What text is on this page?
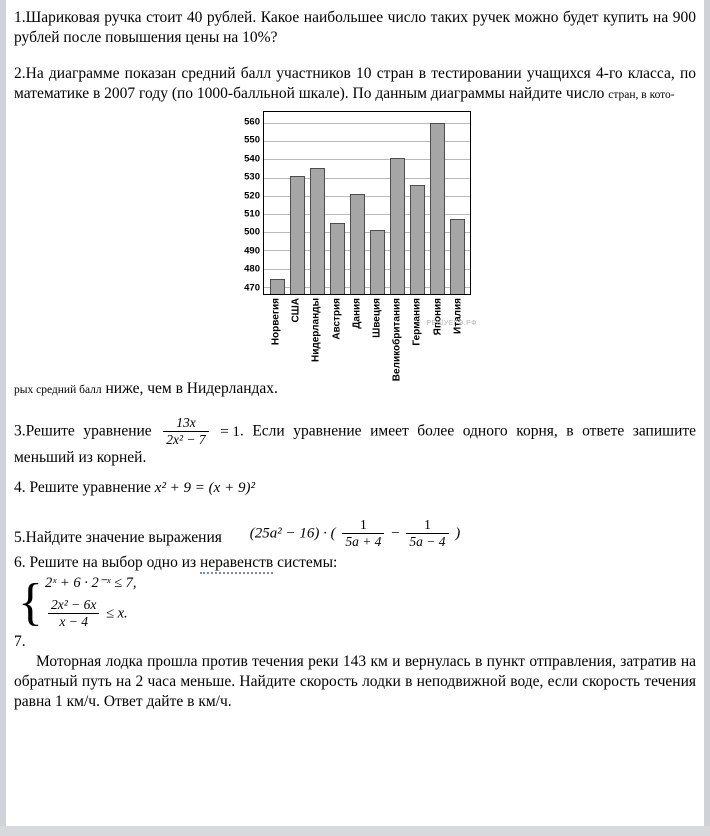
1.Шариковая ручка стоит 40 рублей. Какое наибольшее число таких ручек можно будет купить на 900 рублей после повышения цены на 10%?

2.На диаграмме показан средний балл участников 10 стран в тестировании учащихся 4-го класса, по математике в 2007 году (по 1000-балльной шкале). По данным диаграммы найдите число стран, в кото-

560
550
540
530
520
510
500
490
480
470
Норвегия США Нидерланды Австрия Дания Швеция Великобритания Германия Япония Италия
РЕШУЕГЭ.РФ

рых средний балл ниже, чем в Нидерландах.

3.Решите уравнение $\frac{13x}{\text{2x² − 7}} = 1$. Если уравнение имеет более одного корня, в ответе запишите меньший из корней.

4. Решите уравнение x² + 9 = (x + 9)²

(25a² − 16) · ( $\frac{1}{5a + 4} - \frac{1}{5a - 4}$ )

5.Найдите значение выражения

6. Решите на выбор одно из неравенств системы:

{ 2ˣ + 6 · 2⁻ˣ ≤ 7,
$\frac{\text{2x² − 6x}}{x - 4} \le x$.

7.

Моторная лодка прошла против течения реки 143 км и вернулась в пункт отправления, затратив на обратный путь на 2 часа меньше. Найдите скорость лодки в неподвижной воде, если скорость течения равна 1 км/ч. Ответ дайте в км/ч.
